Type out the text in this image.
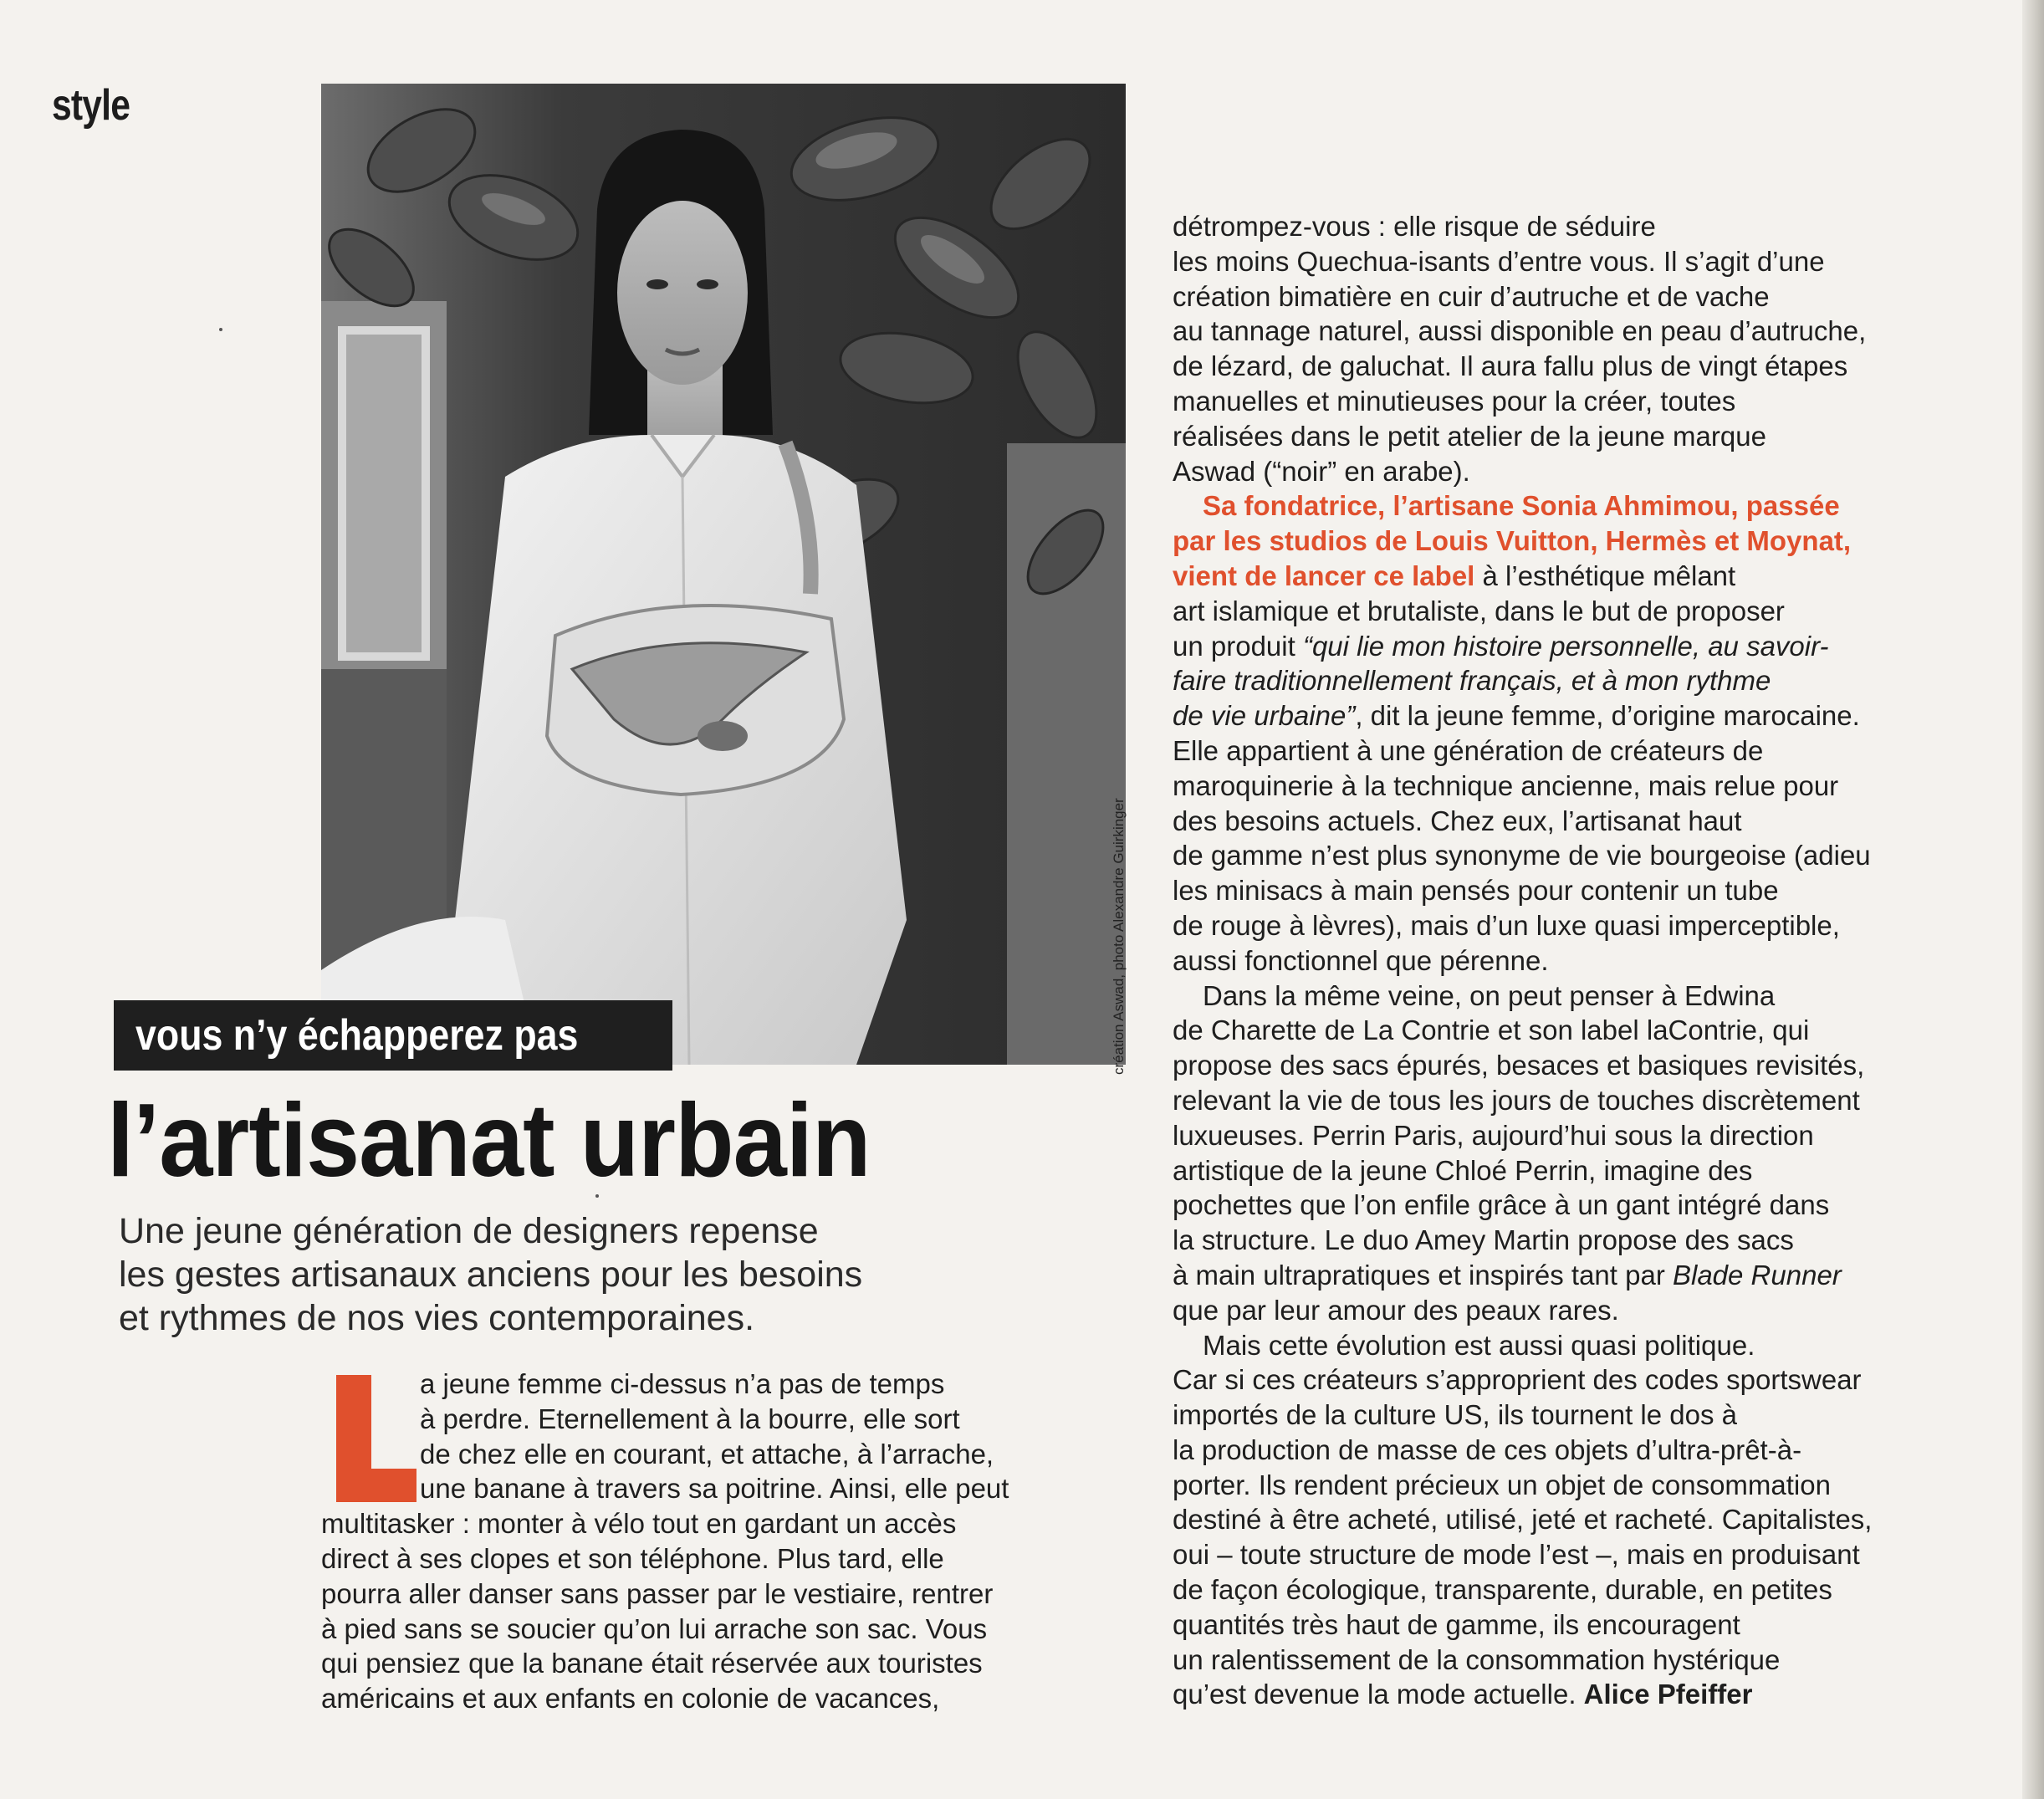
style
création Aswad, photo Alexandre Guirkinger
vous n’y échapperez pas
l’artisanat urbain
Une jeune génération de designers repense
les gestes artisanaux anciens pour les besoins
et rythmes de nos vies contemporaines.
a jeune femme ci-dessus n’a pas de temps
à perdre. Eternellement à la bourre, elle sort
de chez elle en courant, et attache, à l’arrache,
une banane à travers sa poitrine. Ainsi, elle peut
multitasker : monter à vélo tout en gardant un accès
direct à ses clopes et son téléphone. Plus tard, elle
pourra aller danser sans passer par le vestiaire, rentrer
à pied sans se soucier qu’on lui arrache son sac. Vous
qui pensiez que la banane était réservée aux touristes
américains et aux enfants en colonie de vacances,
détrompez-vous : elle risque de séduire
les moins Quechua-isants d’entre vous. Il s’agit d’une
création bimatière en cuir d’autruche et de vache
au tannage naturel, aussi disponible en peau d’autruche,
de lézard, de galuchat. Il aura fallu plus de vingt étapes
manuelles et minutieuses pour la créer, toutes
réalisées dans le petit atelier de la jeune marque
Aswad (“noir” en arabe).
Sa fondatrice, l’artisane Sonia Ahmimou, passée
par les studios de Louis Vuitton, Hermès et Moynat,
vient de lancer ce label à l’esthétique mêlant
art islamique et brutaliste, dans le but de proposer
un produit “qui lie mon histoire personnelle, au savoir-
faire traditionnellement français, et à mon rythme
de vie urbaine”, dit la jeune femme, d’origine marocaine.
Elle appartient à une génération de créateurs de
maroquinerie à la technique ancienne, mais relue pour
des besoins actuels. Chez eux, l’artisanat haut
de gamme n’est plus synonyme de vie bourgeoise (adieu
les minisacs à main pensés pour contenir un tube
de rouge à lèvres), mais d’un luxe quasi imperceptible,
aussi fonctionnel que pérenne.
Dans la même veine, on peut penser à Edwina
de Charette de La Contrie et son label laContrie, qui
propose des sacs épurés, besaces et basiques revisités,
relevant la vie de tous les jours de touches discrètement
luxueuses. Perrin Paris, aujourd’hui sous la direction
artistique de la jeune Chloé Perrin, imagine des
pochettes que l’on enfile grâce à un gant intégré dans
la structure. Le duo Amey Martin propose des sacs
à main ultrapratiques et inspirés tant par Blade Runner
que par leur amour des peaux rares.
Mais cette évolution est aussi quasi politique.
Car si ces créateurs s’approprient des codes sportswear
importés de la culture US, ils tournent le dos à
la production de masse de ces objets d’ultra-prêt-à-
porter. Ils rendent précieux un objet de consommation
destiné à être acheté, utilisé, jeté et racheté. Capitalistes,
oui – toute structure de mode l’est –, mais en produisant
de façon écologique, transparente, durable, en petites
quantités très haut de gamme, ils encouragent
un ralentissement de la consommation hystérique
qu’est devenue la mode actuelle. Alice Pfeiffer
